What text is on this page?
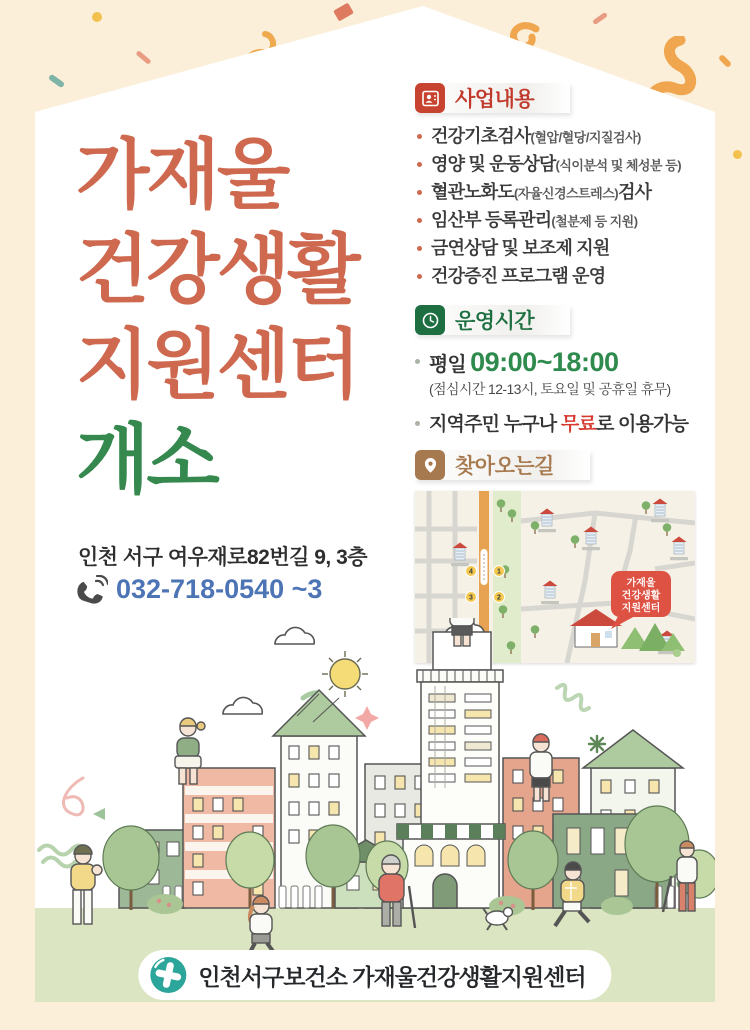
가재울
건강생활
지원센터
개소
인천 서구 여우재로82번길 9, 3층
032-718-0540 ~3
사업내용
건강기초검사(혈압/혈당/지질검사)
영양 및 운동상담(식이분석 및 체성분 등)
혈관노화도(자율신경스트레스)검사
임산부 등록관리(철분제 등 지원)
금연상담 및 보조제 지원
건강증진 프로그램 운영
운영시간
평일 09:00~18:00
(점심시간 12-13시, 토요일 및 공휴일 휴무)
지역주민 누구나 무료로 이용가능
찾아오는길
4	1
3	2
가재울
건강생활
지원센터
인천서구보건소 가재울건강생활지원센터
